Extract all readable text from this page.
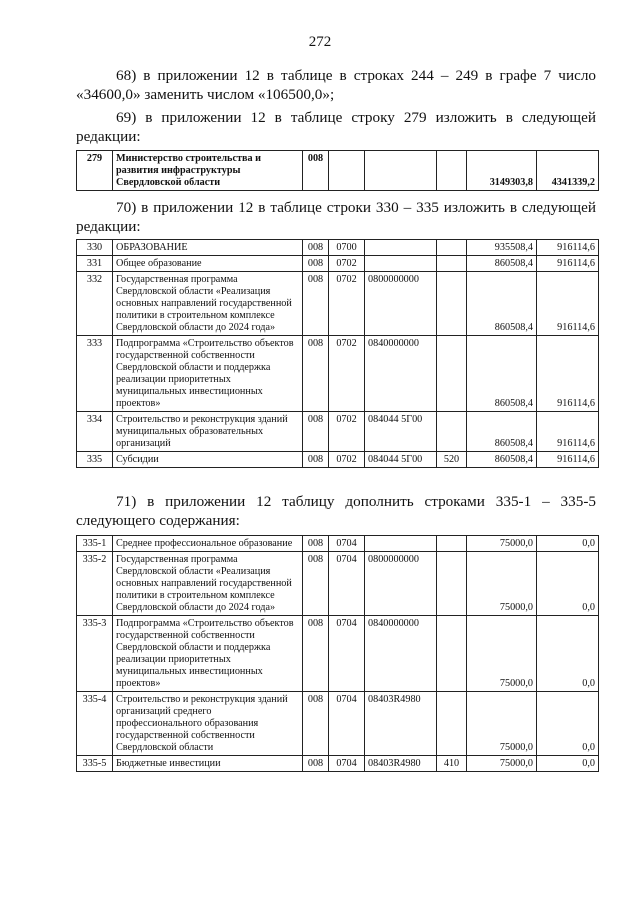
272

68) в приложении 12 в таблице в строках 244 – 249 в графе 7 число «34600,0» заменить числом «106500,0»;

69) в приложении 12 в таблице строку 279 изложить в следующей редакции:

279	Министерство строительства и развития инфраструктуры Свердловской области	008				3149303,8	4341339,2

70) в приложении 12 в таблице строки 330 – 335 изложить в следующей редакции:

330	ОБРАЗОВАНИЕ	008	0700			935508,4	916114,6
331	Общее образование	008	0702			860508,4	916114,6
332	Государственная программа Свердловской области «Реализация основных направлений государственной политики в строительном комплексе Свердловской области до 2024 года»	008	0702	0800000000		860508,4	916114,6
333	Подпрограмма «Строительство объектов государственной собственности Свердловской области и поддержка реализации приоритетных муниципальных инвестиционных проектов»	008	0702	0840000000		860508,4	916114,6
334	Строительство и реконструкция зданий муниципальных образовательных организаций	008	0702	084044 5Г00		860508,4	916114,6
335	Субсидии	008	0702	084044 5Г00	520	860508,4	916114,6

71) в приложении 12 таблицу дополнить строками 335-1 – 335-5 следующего содержания:

335-1	Среднее профессиональное образование	008	0704			75000,0	0,0
335-2	Государственная программа Свердловской области «Реализация основных направлений государственной политики в строительном комплексе Свердловской области до 2024 года»	008	0704	0800000000		75000,0	0,0
335-3	Подпрограмма «Строительство объектов государственной собственности Свердловской области и поддержка реализации приоритетных муниципальных инвестиционных проектов»	008	0704	0840000000		75000,0	0,0
335-4	Строительство и реконструкция зданий организаций среднего профессионального образования государственной собственности Свердловской области	008	0704	08403R4980		75000,0	0,0
335-5	Бюджетные инвестиции	008	0704	08403R4980	410	75000,0	0,0
